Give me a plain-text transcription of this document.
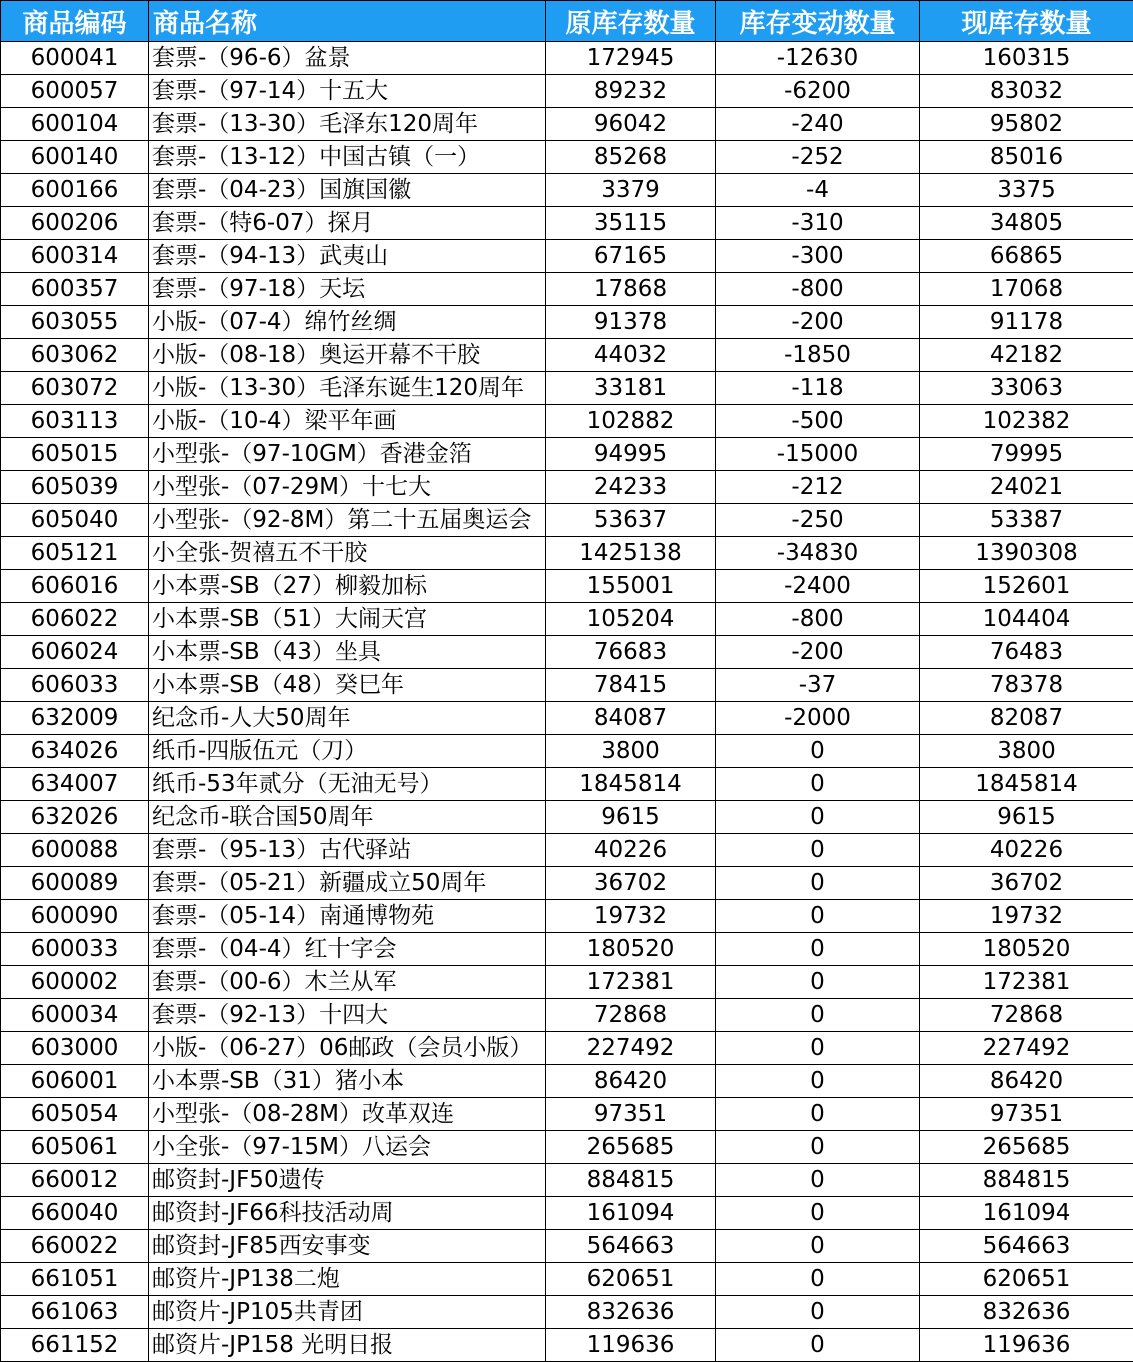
商品编码	商品名称	原库存数量	库存变动数量	现库存数量
600041	套票-（96-6）盆景	172945	-12630	160315
600057	套票-（97-14）十五大	89232	-6200	83032
600104	套票-（13-30）毛泽东120周年	96042	-240	95802
600140	套票-（13-12）中国古镇（一）	85268	-252	85016
600166	套票-（04-23）国旗国徽	3379	-4	3375
600206	套票-（特6-07）探月	35115	-310	34805
600314	套票-（94-13）武夷山	67165	-300	66865
600357	套票-（97-18）天坛	17868	-800	17068
603055	小版-（07-4）绵竹丝绸	91378	-200	91178
603062	小版-（08-18）奥运开幕不干胶	44032	-1850	42182
603072	小版-（13-30）毛泽东诞生120周年	33181	-118	33063
603113	小版-（10-4）梁平年画	102882	-500	102382
605015	小型张-（97-10GM）香港金箔	94995	-15000	79995
605039	小型张-（07-29M）十七大	24233	-212	24021
605040	小型张-（92-8M）第二十五届奥运会	53637	-250	53387
605121	小全张-贺禧五不干胶	1425138	-34830	1390308
606016	小本票-SB（27）柳毅加标	155001	-2400	152601
606022	小本票-SB（51）大闹天宫	105204	-800	104404
606024	小本票-SB（43）坐具	76683	-200	76483
606033	小本票-SB（48）癸巳年	78415	-37	78378
632009	纪念币-人大50周年	84087	-2000	82087
634026	纸币-四版伍元（刀）	3800	0	3800
634007	纸币-53年贰分（无油无号）	1845814	0	1845814
632026	纪念币-联合国50周年	9615	0	9615
600088	套票-（95-13）古代驿站	40226	0	40226
600089	套票-（05-21）新疆成立50周年	36702	0	36702
600090	套票-（05-14）南通博物苑	19732	0	19732
600033	套票-（04-4）红十字会	180520	0	180520
600002	套票-（00-6）木兰从军	172381	0	172381
600034	套票-（92-13）十四大	72868	0	72868
603000	小版-（06-27）06邮政（会员小版）	227492	0	227492
606001	小本票-SB（31）猪小本	86420	0	86420
605054	小型张-（08-28M）改革双连	97351	0	97351
605061	小全张-（97-15M）八运会	265685	0	265685
660012	邮资封-JF50遗传	884815	0	884815
660040	邮资封-JF66科技活动周	161094	0	161094
660022	邮资封-JF85西安事变	564663	0	564663
661051	邮资片-JP138二炮	620651	0	620651
661063	邮资片-JP105共青团	832636	0	832636
661152	邮资片-JP158 光明日报	119636	0	119636
